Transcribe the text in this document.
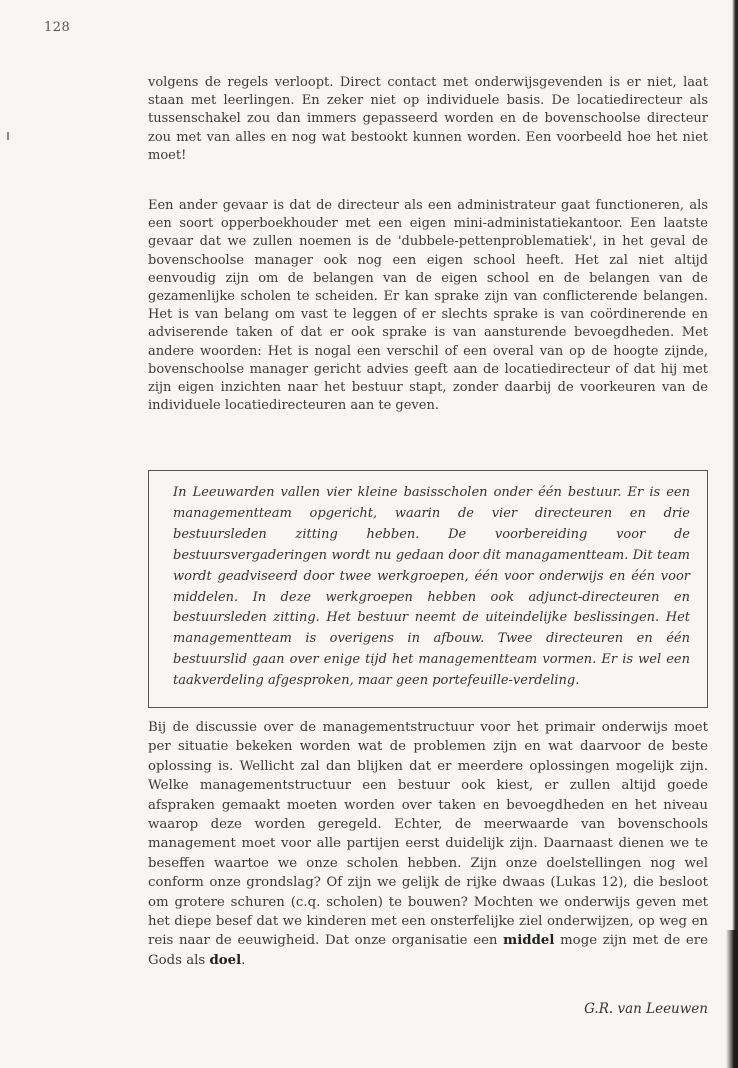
128

volgens de regels verloopt. Direct contact met onderwijsgevenden is er niet, laat staan met leerlingen. En zeker niet op individuele basis. De locatiedirecteur als tussenschakel zou dan immers gepasseerd worden en de bovenschoolse directeur zou met van alles en nog wat bestookt kunnen worden. Een voorbeeld hoe het niet moet!

Een ander gevaar is dat de directeur als een administrateur gaat functioneren, als een soort opperboekhouder met een eigen mini-administatiekantoor. Een laatste gevaar dat we zullen noemen is de 'dubbele-pettenproblematiek', in het geval de bovenschoolse manager ook nog een eigen school heeft. Het zal niet altijd eenvoudig zijn om de belangen van de eigen school en de belangen van de gezamenlijke scholen te scheiden. Er kan sprake zijn van conflicterende belangen. Het is van belang om vast te leggen of er slechts sprake is van coördinerende en adviserende taken of dat er ook sprake is van aansturende bevoegdheden. Met andere woorden: Het is nogal een verschil of een overal van op de hoogte zijnde, bovenschoolse manager gericht advies geeft aan de locatiedirecteur of dat hij met zijn eigen inzichten naar het bestuur stapt, zonder daarbij de voorkeuren van de individuele locatiedirecteuren aan te geven.

In Leeuwarden vallen vier kleine basisscholen onder één bestuur. Er is een managementteam opgericht, waarin de vier directeuren en drie bestuursleden zitting hebben. De voorbereiding voor de bestuursvergaderingen wordt nu gedaan door dit managamentteam. Dit team wordt geadviseerd door twee werkgroepen, één voor onderwijs en één voor middelen. In deze werkgroepen hebben ook adjunct-directeuren en bestuursleden zitting. Het bestuur neemt de uiteindelijke beslissingen. Het managementteam is overigens in afbouw. Twee directeuren en één bestuurslid gaan over enige tijd het managementteam vormen. Er is wel een taakverdeling afgesproken, maar geen portefeuille-verdeling.

Bij de discussie over de managementstructuur voor het primair onderwijs moet per situatie bekeken worden wat de problemen zijn en wat daarvoor de beste oplossing is. Wellicht zal dan blijken dat er meerdere oplossingen mogelijk zijn. Welke managementstructuur een bestuur ook kiest, er zullen altijd goede afspraken gemaakt moeten worden over taken en bevoegdheden en het niveau waarop deze worden geregeld. Echter, de meerwaarde van bovenschools management moet voor alle partijen eerst duidelijk zijn. Daarnaast dienen we te beseffen waartoe we onze scholen hebben. Zijn onze doelstellingen nog wel conform onze grondslag? Of zijn we gelijk de rijke dwaas (Lukas 12), die besloot om grotere schuren (c.q. scholen) te bouwen? Mochten we onderwijs geven met het diepe besef dat we kinderen met een onsterfelijke ziel onderwijzen, op weg en reis naar de eeuwigheid. Dat onze organisatie een middel moge zijn met de ere Gods als doel.

G.R. van Leeuwen
